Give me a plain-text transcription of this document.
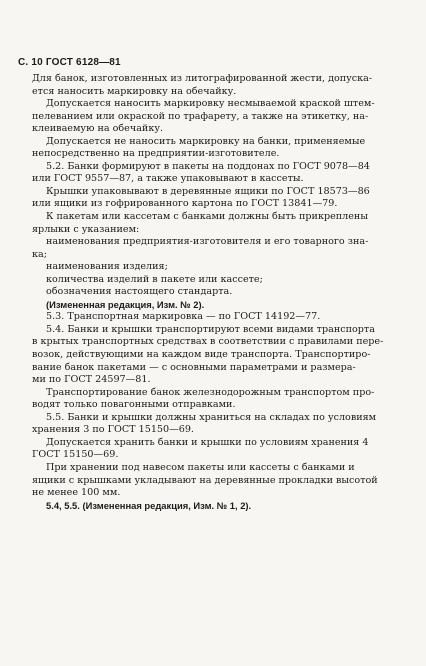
С. 10 ГОСТ 6128—81

Для банок, изготовленных из литографированной жести, допуска-

ется наносить маркировку на обечайку.

Допускается наносить маркировку несмываемой краской штем-

пелеванием или окраской по трафарету, а также на этикетку, на-

клеиваемую на обечайку.

Допускается не наносить маркировку на банки, применяемые

непосредственно на предприятии-изготовителе.

5.2. Банки формируют в пакеты на поддонах по ГОСТ 9078—84

или ГОСТ 9557—87, а также упаковывают в кассеты.

Крышки упаковывают в деревянные ящики по ГОСТ 18573—86

или ящики из гофрированного картона по ГОСТ 13841—79.

К пакетам или кассетам с банками должны быть прикреплены

ярлыки с указанием:

наименования предприятия-изготовителя и его товарного зна-

ка;

наименования изделия;

количества изделий в пакете или кассете;

обозначения настоящего стандарта.

(Измененная редакция, Изм. № 2).

5.3. Транспортная маркировка — по ГОСТ 14192—77.

5.4. Банки и крышки транспортируют всеми видами транспорта

в крытых транспортных средствах в соответствии с правилами пере-

возок, действующими на каждом виде транспорта. Транспортиро-

вание банок пакетами — с основными параметрами и размера-

ми по ГОСТ 24597—81.

Транспортирование банок железнодорожным транспортом про-

водят только повагонными отправками.

5.5. Банки и крышки должны храниться на складах по условиям

хранения 3 по ГОСТ 15150—69.

Допускается хранить банки и крышки по условиям хранения 4

ГОСТ 15150—69.

При хранении под навесом пакеты или кассеты с банками и

ящики с крышками укладывают на деревянные прокладки высотой

не менее 100 мм.

5.4, 5.5. (Измененная редакция, Изм. № 1, 2).
